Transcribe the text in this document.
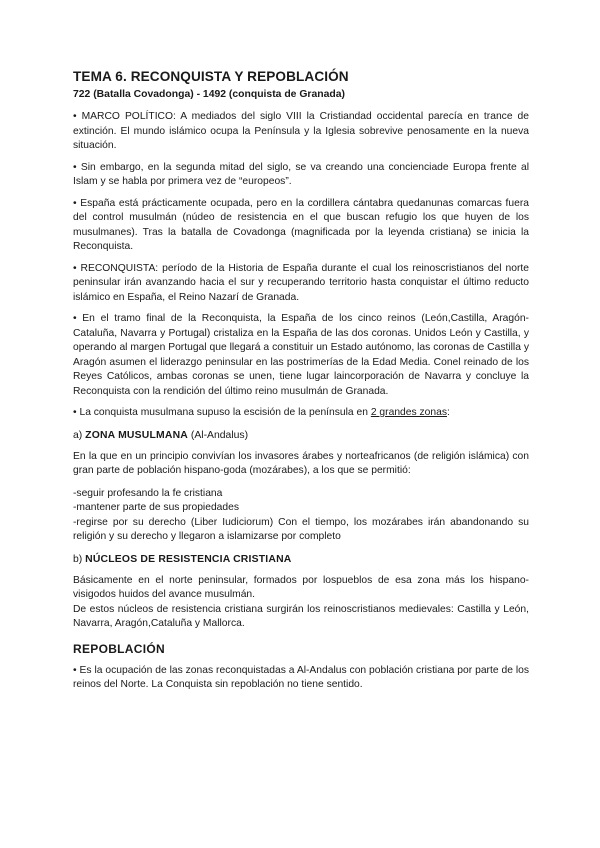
TEMA 6. RECONQUISTA Y REPOBLACIÓN
722 (Batalla Covadonga) - 1492 (conquista de Granada)

• MARCO POLÍTICO: A mediados del siglo VIII la Cristiandad occidental parecía en trance de extinción. El mundo islámico ocupa la Península y la Iglesia sobrevive penosamente en la nueva situación.

• Sin embargo, en la segunda mitad del siglo, se va creando una concienciade Europa frente al Islam y se habla por primera vez de “europeos”.

• España está prácticamente ocupada, pero en la cordillera cántabra quedanunas comarcas fuera del control musulmán (núdeo de resistencia en el que buscan refugio los que huyen de los musulmanes). Tras la batalla de Covadonga (magnificada por la leyenda cristiana) se inicia la Reconquista.

• RECONQUISTA: período de la Historia de España durante el cual los reinoscristianos del norte peninsular irán avanzando hacia el sur y recuperando territorio hasta conquistar el último reducto islámico en España, el Reino Nazarí de Granada.

• En el tramo final de la Reconquista, la España de los cinco reinos (León,Castilla, Aragón-Cataluña, Navarra y Portugal) cristaliza en la España de las dos coronas. Unidos León y Castilla, y operando al margen Portugal que llegará a constituir un Estado autónomo, las coronas de Castilla y Aragón asumen el liderazgo peninsular en las postrimerías de la Edad Media. Conel reinado de los Reyes Católicos, ambas coronas se unen, tiene lugar laincorporación de Navarra y concluye la Reconquista con la rendición del último reino musulmán de Granada.

• La conquista musulmana supuso la escisión de la península en 2 grandes zonas:

a) ZONA MUSULMANA (Al-Andalus)

En la que en un principio convivían los invasores árabes y norteafricanos (de religión islámica) con gran parte de población hispano-goda (mozárabes), a los que se permitió:

-seguir profesando la fe cristiana

-mantener parte de sus propiedades

-regirse por su derecho (Liber Iudiciorum) Con el tiempo, los mozárabes irán abandonando su religión y su derecho y llegaron a islamizarse por completo

b) NÚCLEOS DE RESISTENCIA CRISTIANA

Básicamente en el norte peninsular, formados por lospueblos de esa zona más los hispano-visigodos huidos del avance musulmán.

De estos núcleos de resistencia cristiana surgirán los reinoscristianos medievales: Castilla y León, Navarra, Aragón,Cataluña y Mallorca.

REPOBLACIÓN

• Es la ocupación de las zonas reconquistadas a Al-Andalus con población cristiana por parte de los reinos del Norte. La Conquista sin repoblación no tiene sentido.
